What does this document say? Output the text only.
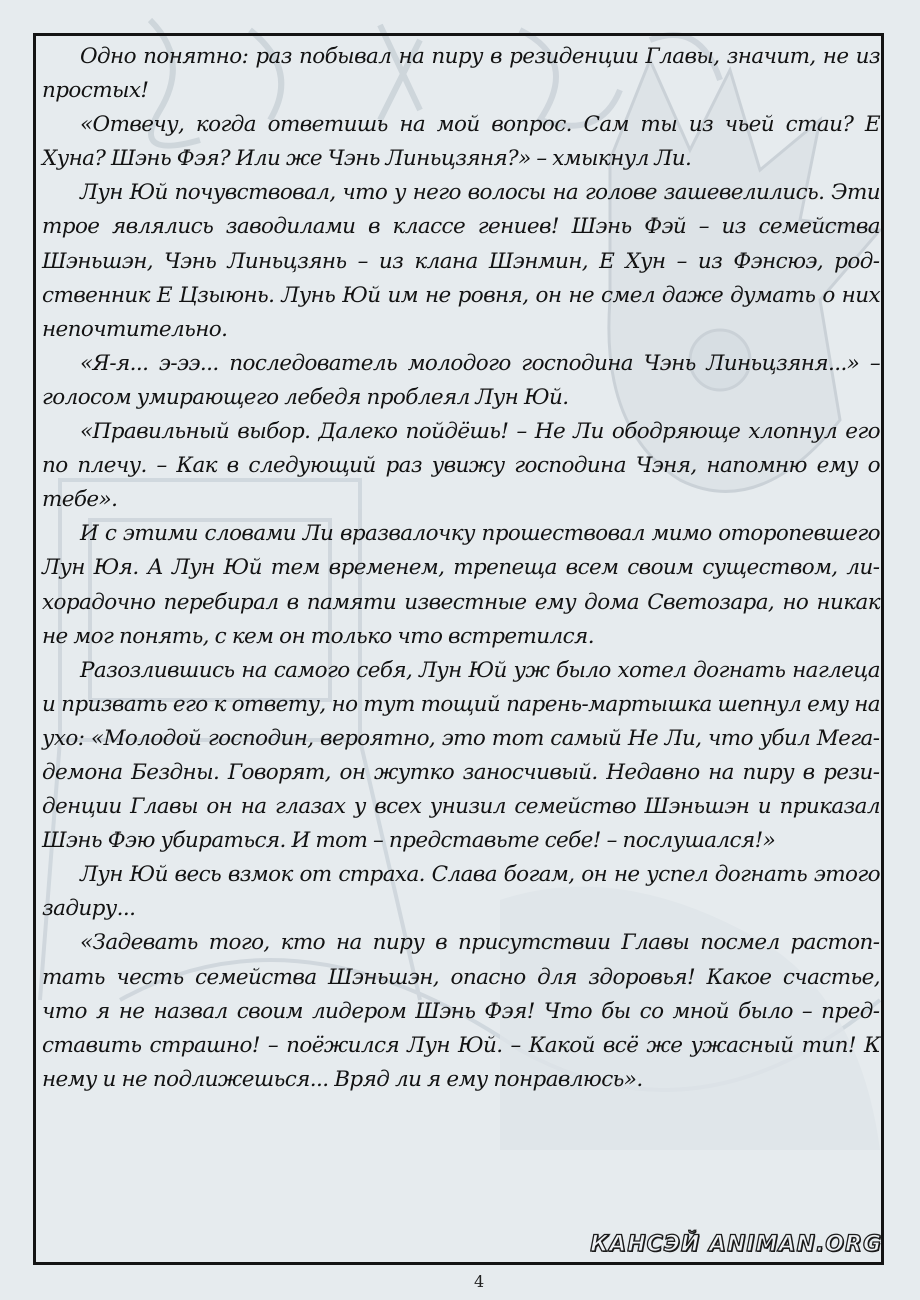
Одно понятно: раз побывал на пиру в резиденции Главы, значит, не из простых!

«Отвечу, когда ответишь на мой вопрос. Сам ты из чьей стаи? Е Хуна? Шэнь Фэя? Или же Чэнь Линьцзяня?» – хмыкнул Ли.

Лун Юй почувствовал, что у него волосы на голове зашевелились. Эти трое являлись заводилами в классе гениев! Шэнь Фэй – из семейства Шэньшэн, Чэнь Линьцзянь – из клана Шэнмин, Е Хун – из Фэнсюэ, родственник Е Цзыюнь. Лунь Юй им не ровня, он не смел даже думать о них непочтительно.

«Я-я... э-ээ... последователь молодого господина Чэнь Линьцзяня...» – голосом умирающего лебедя проблеял Лун Юй.

«Правильный выбор. Далеко пойдёшь! – Не Ли ободряюще хлопнул его по плечу. – Как в следующий раз увижу господина Чэня, напомню ему о тебе».

И с этими словами Ли вразвалочку прошествовал мимо оторопевшего Лун Юя. А Лун Юй тем временем, трепеща всем своим существом, лихорадочно перебирал в памяти известные ему дома Светозара, но никак не мог понять, с кем он только что встретился.

Разозлившись на самого себя, Лун Юй уж было хотел догнать наглеца и призвать его к ответу, но тут тощий парень-мартышка шепнул ему на ухо: «Молодой господин, вероятно, это тот самый Не Ли, что убил Мегадемона Бездны. Говорят, он жутко заносчивый. Недавно на пиру в резиденции Главы он на глазах у всех унизил семейство Шэньшэн и приказал Шэнь Фэю убираться. И тот – представьте себе! – послушался!»

Лун Юй весь взмок от страха. Слава богам, он не успел догнать этого задиру...

«Задевать того, кто на пиру в присутствии Главы посмел растоптать честь семейства Шэньшэн, опасно для здоровья! Какое счастье, что я не назвал своим лидером Шэнь Фэя! Что бы со мной было – представить страшно! – поёжился Лун Юй. – Какой всё же ужасный тип! К нему и не подлижешься... Вряд ли я ему понравлюсь».

КАНСЭЙ ANIMAN.ORG
4
